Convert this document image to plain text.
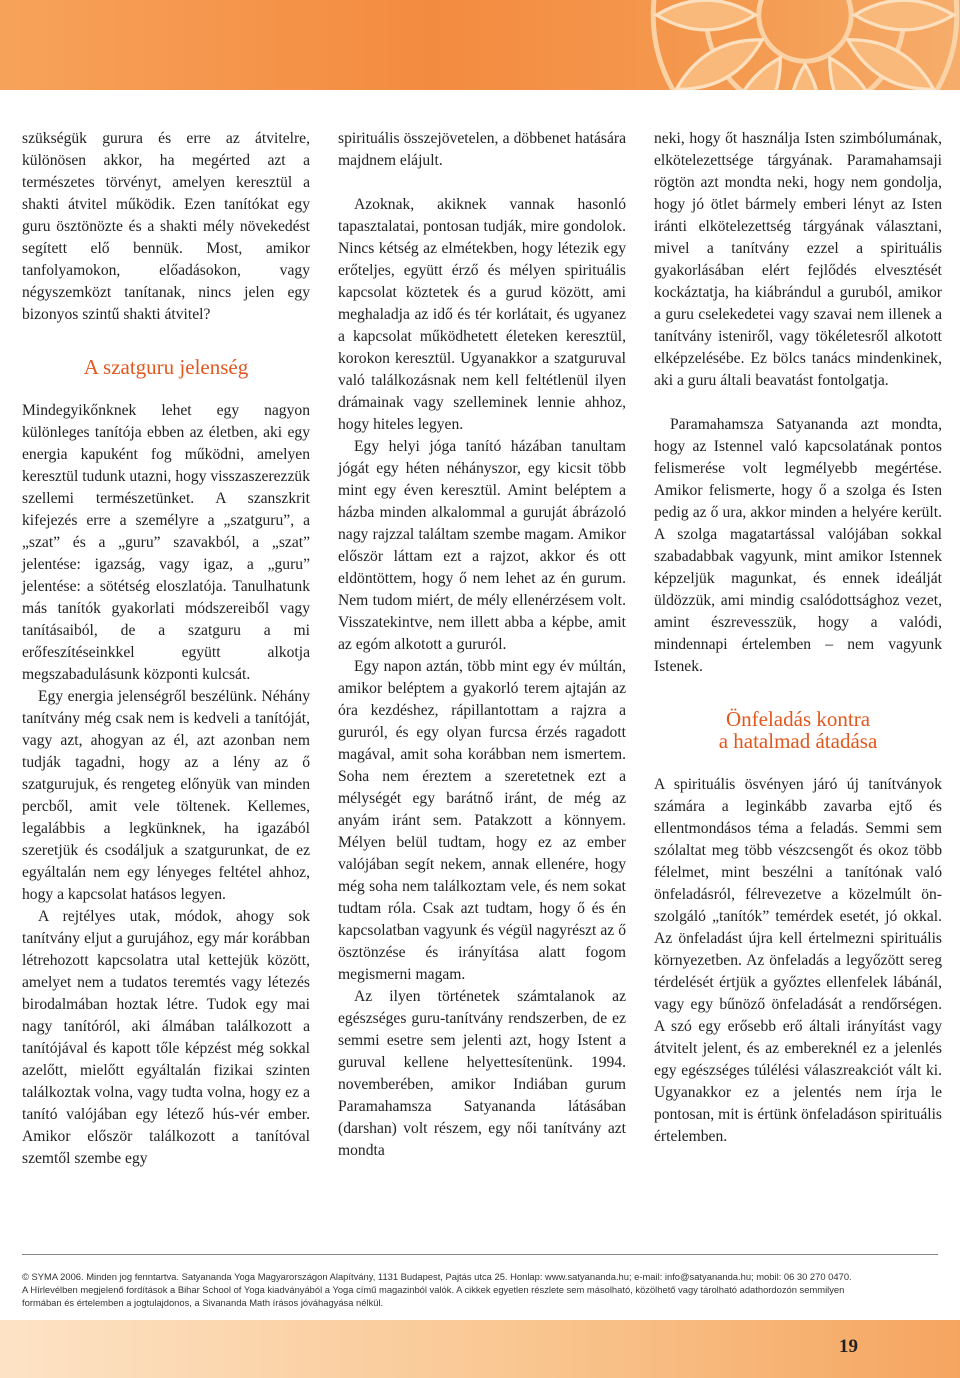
szükségük gurura és erre az átvitelre, különösen akkor, ha megérted azt a természetes törvényt, amelyen keresztül a shakti átvitel működik. Ezen tanítókat egy guru ösztönözte és a shakti mély növekedést segített elő bennük. Most, amikor tanfolyamokon, előadásokon, vagy négyszemközt tanítanak, nincs jelen egy bizonyos szintű shakti átvitel?

A szatguru jelenség

Mindegyikőnknek lehet egy nagyon különleges tanítója ebben az életben, aki egy energia kapuként fog működni, amelyen keresztül tudunk utazni, hogy visszaszerezzük szellemi természetünket. A szanszkrit kifejezés erre a személyre a „szatguru”, a „szat” és a „guru” szavakból, a „szat” jelentése: igazság, vagy igaz, a „guru” jelentése: a sötétség eloszlatója. Tanulhatunk más tanítók gyakorlati módszereiből vagy tanításaiból, de a szatguru a mi erőfeszítéseinkkel együtt alkotja megszabadulásunk központi kulcsát.

Egy energia jelenségről beszélünk. Néhány tanítvány még csak nem is kedveli a tanítóját, vagy azt, ahogyan az él, azt azonban nem tudják tagadni, hogy az a lény az ő szatgurujuk, és rengeteg előnyük van minden percből, amit vele töltenek. Kellemes, legalábbis a legkünknek, ha igazából szeretjük és csodáljuk a szatgurunkat, de ez egyáltalán nem egy lényeges feltétel ahhoz, hogy a kapcsolat hatásos legyen.

A rejtélyes utak, módok, ahogy sok tanítvány eljut a gurujához, egy már korábban létrehozott kapcsolatra utal kettejük között, amelyet nem a tudatos teremtés vagy létezés birodalmában hoztak létre. Tudok egy mai nagy tanítóról, aki álmában találkozott a tanítójával és kapott tőle képzést még sokkal azelőtt, mielőtt egyáltalán fizikai szinten találkoztak volna, vagy tudta volna, hogy ez a tanító valójában egy létező hús-vér ember. Amikor először találkozott a tanítóval szemtől szembe egy

spirituális összejövetelen, a döbbenet hatására majdnem elájult.

Azoknak, akiknek vannak hasonló tapasztalatai, pontosan tudják, mire gondolok. Nincs kétség az elmétekben, hogy létezik egy erőteljes, együtt érző és mélyen spirituális kapcsolat köztetek és a gurud között, ami meghaladja az idő és tér korlátait, és ugyanez a kapcsolat működhetett életeken keresztül, korokon keresztül. Ugyanakkor a szatguruval való találkozásnak nem kell feltétlenül ilyen drámainak vagy szelleminek lennie ahhoz, hogy hiteles legyen.

Egy helyi jóga tanító házában tanultam jógát egy héten néhányszor, egy kicsit több mint egy éven keresztül. Amint beléptem a házba minden alkalommal a guruját ábrázoló nagy rajzzal találtam szembe magam. Amikor először láttam ezt a rajzot, akkor és ott eldöntöttem, hogy ő nem lehet az én gurum. Nem tudom miért, de mély ellenérzésem volt. Visszatekintve, nem illett abba a képbe, amit az egóm alkotott a gururól.

Egy napon aztán, több mint egy év múltán, amikor beléptem a gyakorló terem ajtaján az óra kezdéshez, rápillantottam a rajzra a gururól, és egy olyan furcsa érzés ragadott magával, amit soha korábban nem ismertem. Soha nem éreztem a szeretetnek ezt a mélységét egy barátnő iránt, de még az anyám iránt sem. Patakzott a könnyem. Mélyen belül tudtam, hogy ez az ember valójában segít nekem, annak ellenére, hogy még soha nem találkoztam vele, és nem sokat tudtam róla. Csak azt tudtam, hogy ő és én kapcsolatban vagyunk és végül nagyrészt az ő ösztönzése és irányítása alatt fogom megismerni magam.

Az ilyen történetek számtalanok az egészséges guru-tanítvány rendszerben, de ez semmi esetre sem jelenti azt, hogy Istent a guruval kellene helyettesítenünk. 1994. novemberében, amikor Indiában gurum Paramahamsza Satyananda látásában (darshan) volt részem, egy női tanítvány azt mondta

neki, hogy őt használja Isten szimbólumának, elkötelezettsége tárgyának. Paramahamsaji rögtön azt mondta neki, hogy nem gondolja, hogy jó ötlet bármely emberi lényt az Isten iránti elkötelezettség tárgyának választani, mivel a tanítvány ezzel a spirituális gyakorlásában elért fejlődés elvesztését kockáztatja, ha kiábrándul a guruból, amikor a guru cselekedetei vagy szavai nem illenek a tanítvány isteniről, vagy tökéletesről alkotott elképzelésébe. Ez bölcs tanács mindenkinek, aki a guru általi beavatást fontolgatja.

Paramahamsza Satyananda azt mondta, hogy az Istennel való kapcsolatának pontos felismerése volt legmélyebb megértése. Amikor felismerte, hogy ő a szolga és Isten pedig az ő ura, akkor minden a helyére került. A szolga magatartással valójában sokkal szabadabbak vagyunk, mint amikor Istennek képzeljük magunkat, és ennek ideálját üldözzük, ami mindig csalódottsághoz vezet, amint észrevesszük, hogy a valódi, mindennapi értelemben – nem vagyunk Istenek.

Önfeladás kontra
a hatalmad átadása

A spirituális ösvényen járó új tanítványok számára a leginkább zavarba ejtő és ellentmondásos téma a feladás. Semmi sem szólaltat meg több vészcsengőt és okoz több félelmet, mint beszélni a tanítónak való önfeladásról, félrevezetve a közelmúlt ön-szolgáló „tanítók” temérdek esetét, jó okkal. Az önfeladást újra kell értelmezni spirituális környezetben. Az önfeladás a legyőzött sereg térdelését értjük a győztes ellenfelek lábánál, vagy egy bűnöző önfeladását a rendőrségen. A szó egy erősebb erő általi irányítást vagy átvitelt jelent, és az embereknél ez a jelenlés egy egészséges túlélési válaszreakciót vált ki. Ugyanakkor ez a jelentés nem írja le pontosan, mit is értünk önfeladáson spirituális értelemben.

© SYMA 2006. Minden jog fenntartva. Satyananda Yoga Magyarországon Alapítvány, 1131 Budapest, Pajtás utca 25. Honlap: www.satyananda.hu; e-mail: info@satyananda.hu; mobil: 06 30 270 0470.
A Hírlevélben megjelenő fordítások a Bihar School of Yoga kiadványából a Yoga című magazinból valók. A cikkek egyetlen részlete sem másolható, közölhető vagy tárolható adathordozón semmilyen
formában és értelemben a jogtulajdonos, a Sivananda Math írásos jóváhagyása nélkül.
19
